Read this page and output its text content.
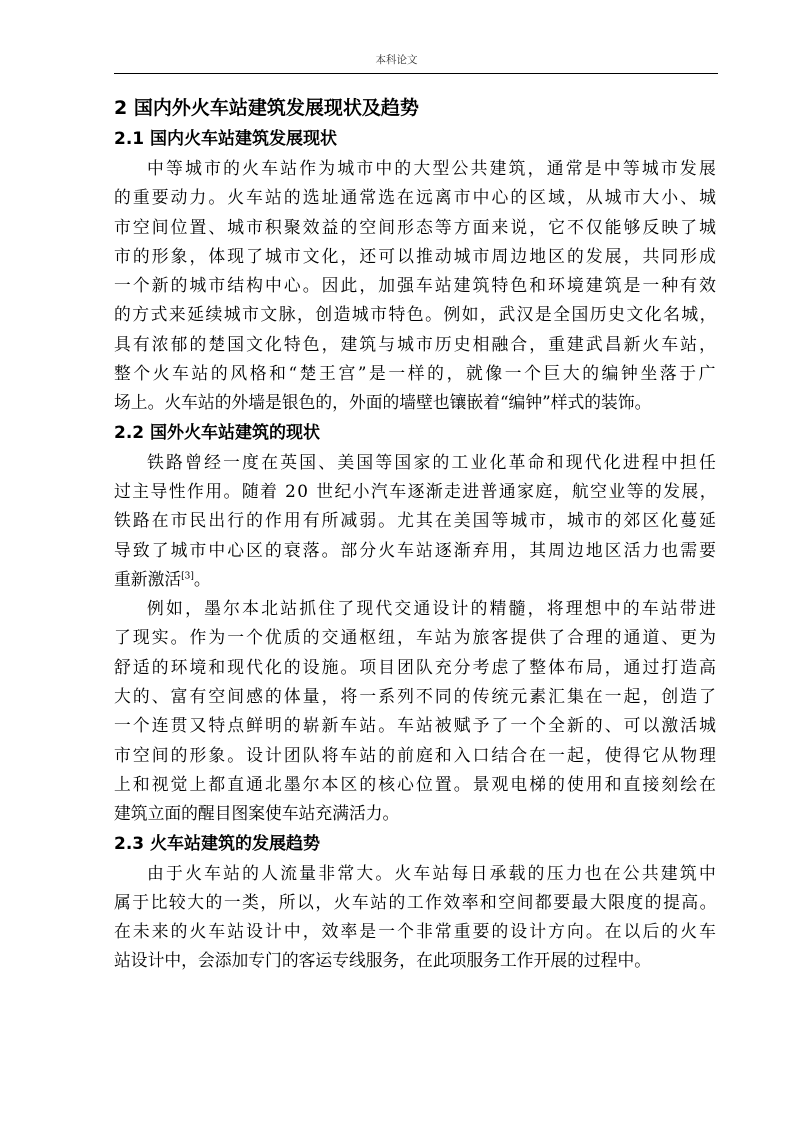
本科论文
2 国内外火车站建筑发展现状及趋势
2.1 国内火车站建筑发展现状
中等城市的火车站作为城市中的大型公共建筑，通常是中等城市发展
的重要动力。火车站的选址通常选在远离市中心的区域，从城市大小、城
市空间位置、城市积聚效益的空间形态等方面来说，它不仅能够反映了城
市的形象，体现了城市文化，还可以推动城市周边地区的发展，共同形成
一个新的城市结构中心。因此，加强车站建筑特色和环境建筑是一种有效
的方式来延续城市文脉，创造城市特色。例如，武汉是全国历史文化名城，
具有浓郁的楚国文化特色，建筑与城市历史相融合，重建武昌新火车站，
整个火车站的风格和“楚王宫”是一样的，就像一个巨大的编钟坐落于广
场上。火车站的外墙是银色的，外面的墙壁也镶嵌着“编钟”样式的装饰。
2.2 国外火车站建筑的现状
铁路曾经一度在英国、美国等国家的工业化革命和现代化进程中担任
过主导性作用。随着 20 世纪小汽车逐渐走进普通家庭，航空业等的发展，
铁路在市民出行的作用有所减弱。尤其在美国等城市，城市的郊区化蔓延
导致了城市中心区的衰落。部分火车站逐渐弃用，其周边地区活力也需要
重新激活[3]。
例如，墨尔本北站抓住了现代交通设计的精髓，将理想中的车站带进
了现实。作为一个优质的交通枢纽，车站为旅客提供了合理的通道、更为
舒适的环境和现代化的设施。项目团队充分考虑了整体布局，通过打造高
大的、富有空间感的体量，将一系列不同的传统元素汇集在一起，创造了
一个连贯又特点鲜明的崭新车站。车站被赋予了一个全新的、可以激活城
市空间的形象。设计团队将车站的前庭和入口结合在一起，使得它从物理
上和视觉上都直通北墨尔本区的核心位置。景观电梯的使用和直接刻绘在
建筑立面的醒目图案使车站充满活力。
2.3 火车站建筑的发展趋势
由于火车站的人流量非常大。火车站每日承载的压力也在公共建筑中
属于比较大的一类，所以，火车站的工作效率和空间都要最大限度的提高。
在未来的火车站设计中，效率是一个非常重要的设计方向。在以后的火车
站设计中，会添加专门的客运专线服务，在此项服务工作开展的过程中。
